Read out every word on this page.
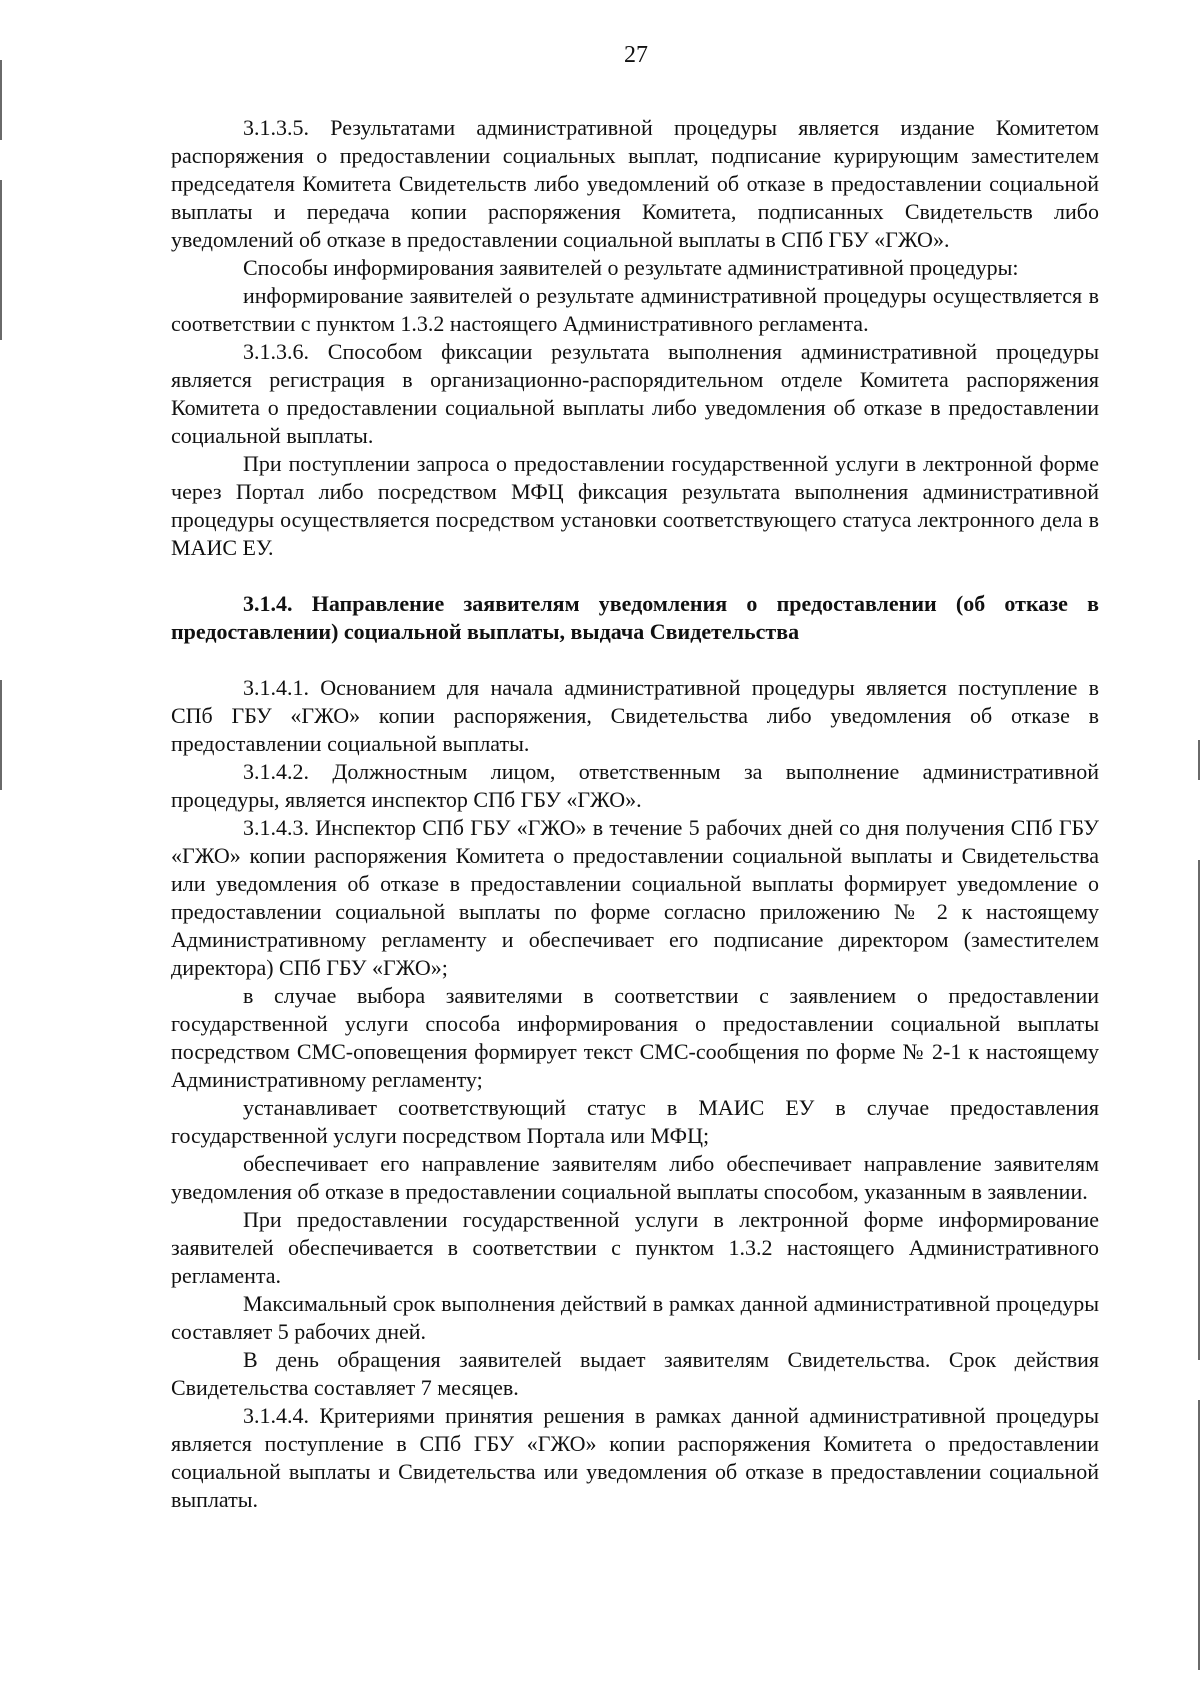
27

3.1.3.5. Результатами административной процедуры является издание Комитетом распоряжения о предоставлении социальных выплат, подписание курирующим заместителем председателя Комитета Свидетельств либо уведомлений об отказе в предоставлении социальной выплаты и передача копии распоряжения Комитета, подписанных Свидетельств либо уведомлений об отказе в предоставлении социальной выплаты в СПб ГБУ «ГЖО».

Способы информирования заявителей о результате административной процедуры:

информирование заявителей о результате административной процедуры осуществляется в соответствии с пунктом 1.3.2 настоящего Административного регламента.

3.1.3.6. Способом фиксации результата выполнения административной процедуры является регистрация в организационно-распорядительном отделе Комитета распоряжения Комитета о предоставлении социальной выплаты либо уведомления об отказе в предоставлении социальной выплаты.

При поступлении запроса о предоставлении государственной услуги в лектронной форме через Портал либо посредством МФЦ фиксация результата выполнения административной процедуры осуществляется посредством установки соответствующего статуса лектронного дела в МАИС ЕУ.

3.1.4. Направление заявителям уведомления о предоставлении (об отказе в предоставлении) социальной выплаты, выдача Свидетельства

3.1.4.1. Основанием для начала административной процедуры является поступление в СПб ГБУ «ГЖО» копии распоряжения, Свидетельства либо уведомления об отказе в предоставлении социальной выплаты.

3.1.4.2. Должностным лицом, ответственным за выполнение административной процедуры, является инспектор СПб ГБУ «ГЖО».

3.1.4.3. Инспектор СПб ГБУ «ГЖО» в течение 5 рабочих дней со дня получения СПб ГБУ «ГЖО» копии распоряжения Комитета о предоставлении социальной выплаты и Свидетельства или уведомления об отказе в предоставлении социальной выплаты формирует уведомление о предоставлении социальной выплаты по форме согласно приложению № 2 к настоящему Административному регламенту и обеспечивает его подписание директором (заместителем директора) СПб ГБУ «ГЖО»;

в случае выбора заявителями в соответствии с заявлением о предоставлении государственной услуги способа информирования о предоставлении социальной выплаты посредством СМС-оповещения формирует текст СМС-сообщения по форме № 2-1 к настоящему Административному регламенту;

устанавливает соответствующий статус в МАИС ЕУ в случае предоставления государственной услуги посредством Портала или МФЦ;

обеспечивает его направление заявителям либо обеспечивает направление заявителям уведомления об отказе в предоставлении социальной выплаты способом, указанным в заявлении.

При предоставлении государственной услуги в лектронной форме информирование заявителей обеспечивается в соответствии с пунктом 1.3.2 настоящего Административного регламента.

Максимальный срок выполнения действий в рамках данной административной процедуры составляет 5 рабочих дней.

В день обращения заявителей выдает заявителям Свидетельства. Срок действия Свидетельства составляет 7 месяцев.

3.1.4.4. Критериями принятия решения в рамках данной административной процедуры является поступление в СПб ГБУ «ГЖО» копии распоряжения Комитета о предоставлении социальной выплаты и Свидетельства или уведомления об отказе в предоставлении социальной выплаты.
